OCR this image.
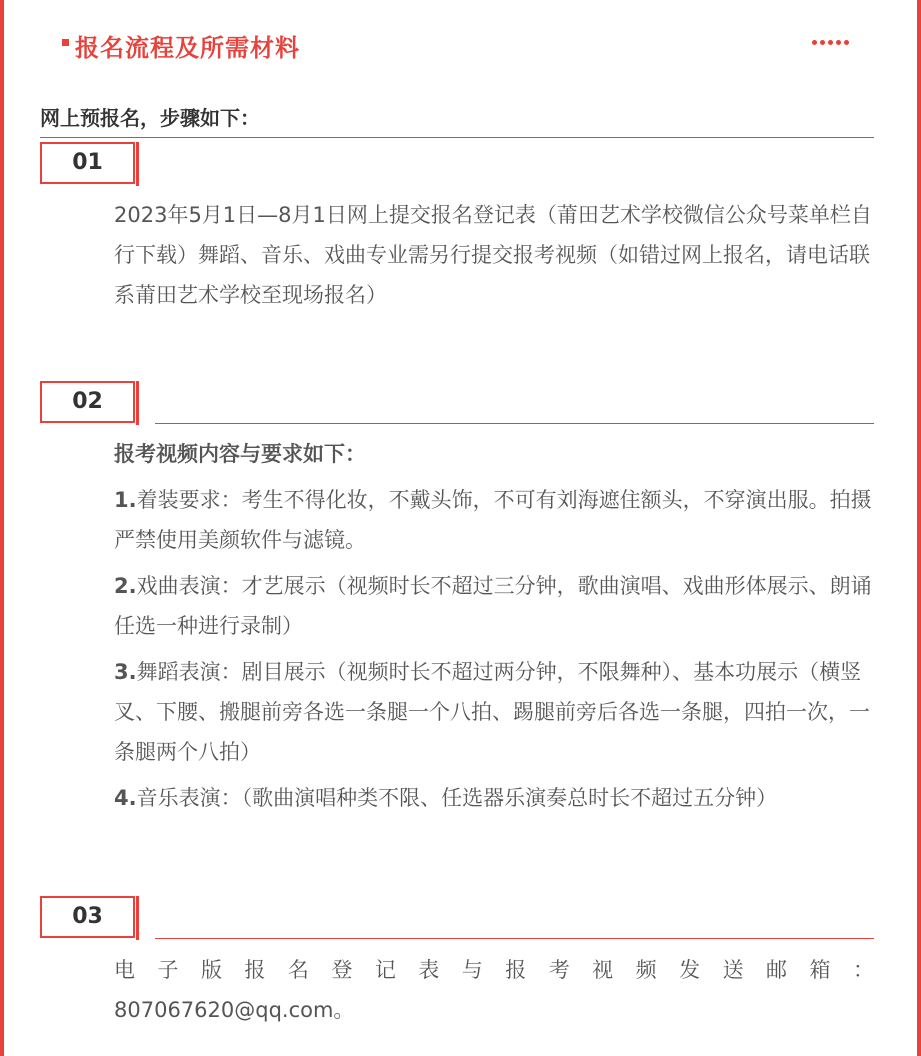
报名流程及所需材料
网上预报名，步骤如下：
01
2023年5月1日—8月1日网上提交报名登记表（莆田艺术学校微信公众号菜单栏自行下载）舞蹈、音乐、戏曲专业需另行提交报考视频（如错过网上报名，请电话联系莆田艺术学校至现场报名）
02

报考视频内容与要求如下：

1.着装要求：考生不得化妆，不戴头饰，不可有刘海遮住额头，不穿演出服。拍摄严禁使用美颜软件与滤镜。

2.戏曲表演：才艺展示（视频时长不超过三分钟，歌曲演唱、戏曲形体展示、朗诵任选一种进行录制）

3.舞蹈表演：剧目展示（视频时长不超过两分钟，不限舞种）、基本功展示（横竖叉、下腰、搬腿前旁各选一条腿一个八拍、踢腿前旁后各选一条腿，四拍一次，一条腿两个八拍）

4.音乐表演：（歌曲演唱种类不限、任选器乐演奏总时长不超过五分钟）

03

电子版报名登记表与报考视频发送邮箱：

807067620@qq.com。
